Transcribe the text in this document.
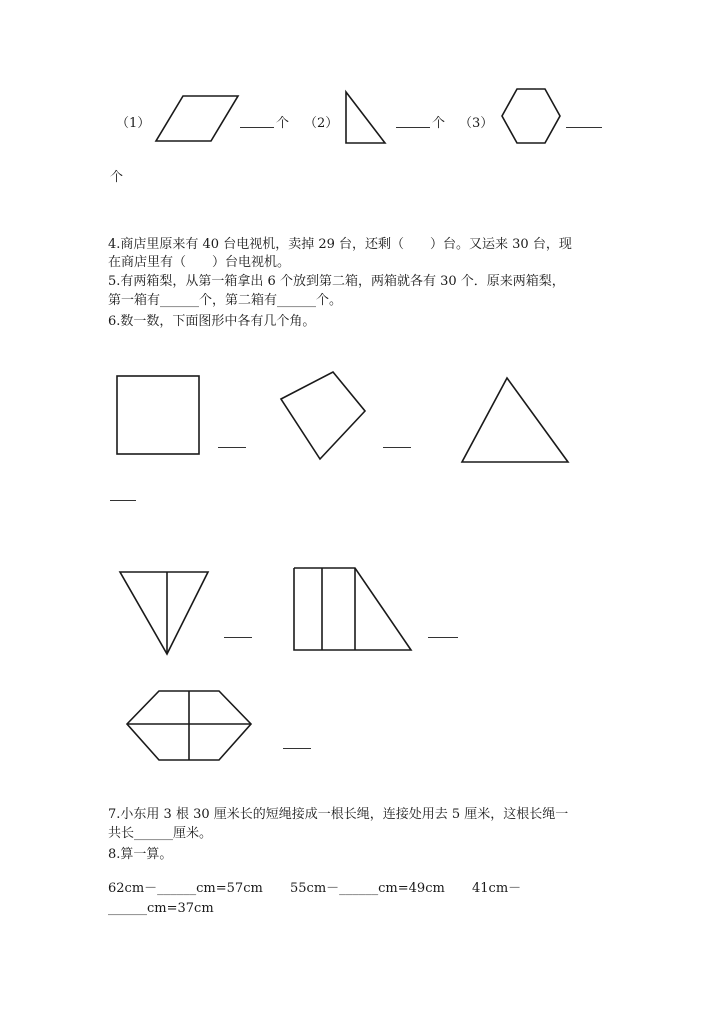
（1）	个 （2）	个 （3）
个
4.商店里原来有 40 台电视机，卖掉 29 台，还剩（　　）台。又运来 30 台，现
在商店里有（　　）台电视机。
5.有两箱梨，从第一箱拿出 6 个放到第二箱，两箱就各有 30 个．原来两箱梨，
第一箱有______个，第二箱有______个。
6.数一数，下面图形中各有几个角。
7.小东用 3 根 30 厘米长的短绳接成一根长绳，连接处用去 5 厘米，这根长绳一
共长______厘米。
8.算一算。
62cm－______cm=57cm 55cm－______cm=49cm 41cm－
______cm=37cm
